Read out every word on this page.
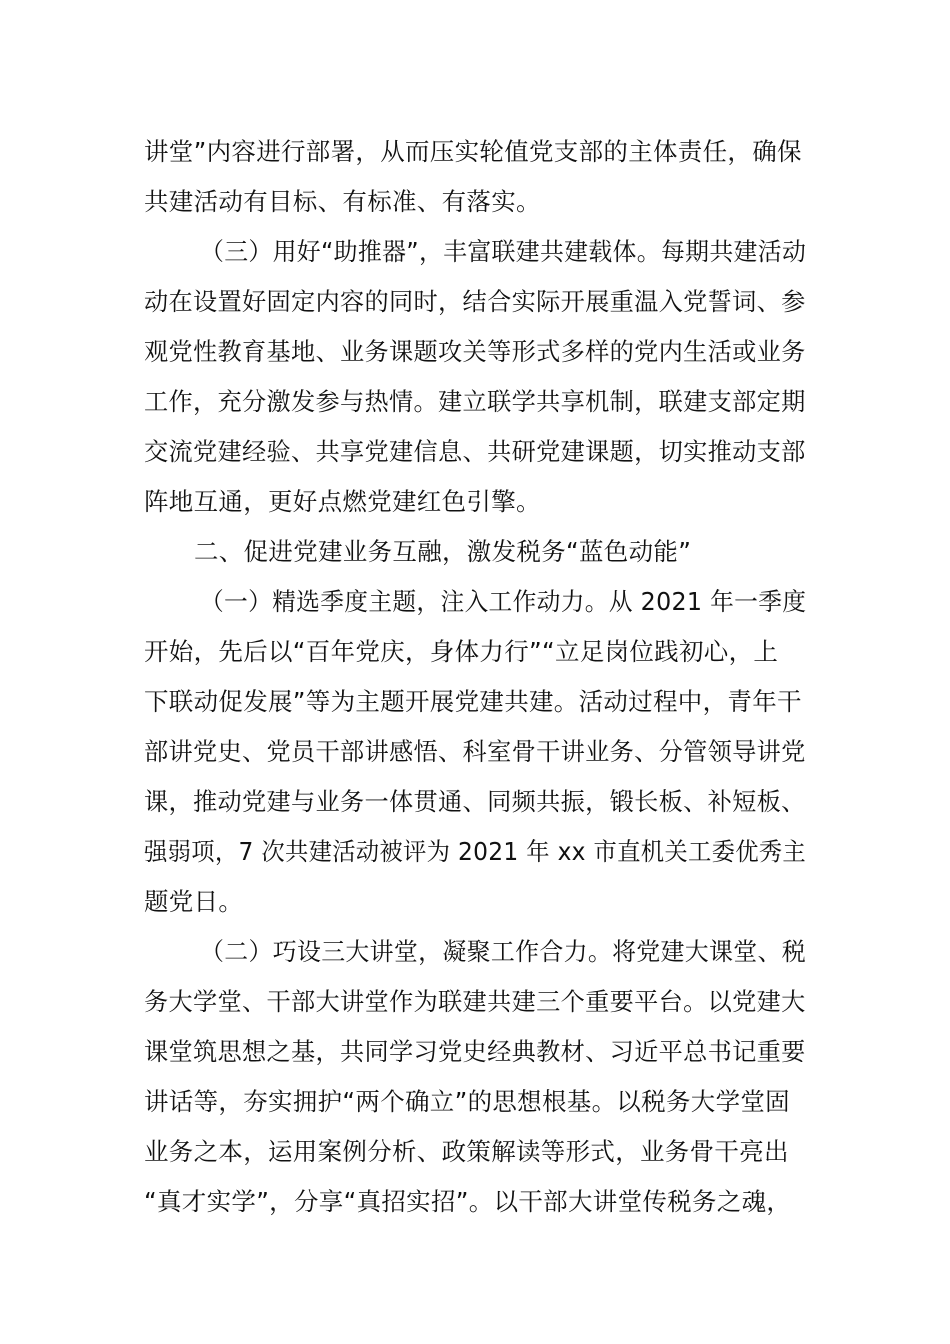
讲堂”内容进行部署，从而压实轮值党支部的主体责任，确保
共建活动有目标、有标准、有落实。
（三）用好“助推器”，丰富联建共建载体。每期共建活动
动在设置好固定内容的同时，结合实际开展重温入党誓词、参
观党性教育基地、业务课题攻关等形式多样的党内生活或业务
工作，充分激发参与热情。建立联学共享机制，联建支部定期
交流党建经验、共享党建信息、共研党建课题，切实推动支部
阵地互通，更好点燃党建红色引擎。
二、促进党建业务互融，激发税务“蓝色动能”
（一）精选季度主题，注入工作动力。从 2021 年一季度
开始，先后以“百年党庆，身体力行”“立足岗位践初心，上
下联动促发展”等为主题开展党建共建。活动过程中，青年干
部讲党史、党员干部讲感悟、科室骨干讲业务、分管领导讲党
课，推动党建与业务一体贯通、同频共振，锻长板、补短板、
强弱项，7 次共建活动被评为 2021 年 xx 市直机关工委优秀主
题党日。
（二）巧设三大讲堂，凝聚工作合力。将党建大课堂、税
务大学堂、干部大讲堂作为联建共建三个重要平台。以党建大
课堂筑思想之基，共同学习党史经典教材、习近平总书记重要
讲话等，夯实拥护“两个确立”的思想根基。以税务大学堂固
业务之本，运用案例分析、政策解读等形式，业务骨干亮出
“真才实学”，分享“真招实招”。以干部大讲堂传税务之魂，
